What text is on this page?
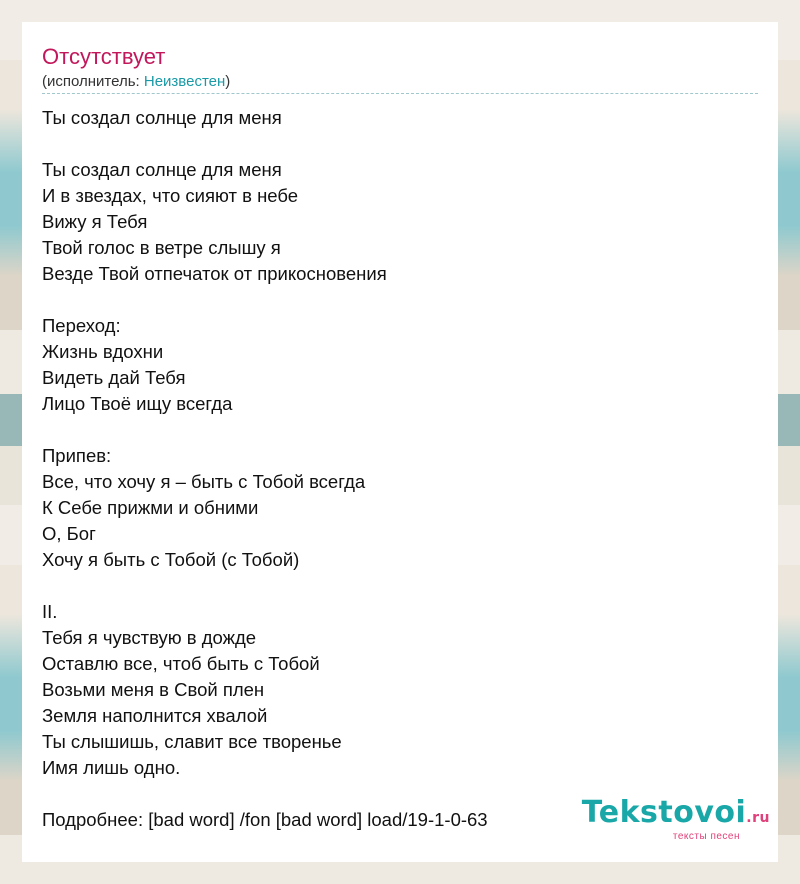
Отсутствует
(исполнитель: Неизвестен)
Ты создал солнце для меня
Ты создал солнце для меня
И в звездах, что сияют в небе
Вижу я Тебя
Твой голос в ветре слышу я
Везде Твой отпечаток от прикосновения
Переход:
Жизнь вдохни
Видеть дай Тебя
Лицо Твоё ищу всегда
Припев:
Все, что хочу я – быть с Тобой всегда
К Себе прижми и обними
О, Бог
Хочу я быть с Тобой (с Тобой)
II.
Тебя я чувствую в дожде
Оставлю все, чтоб быть с Тобой
Возьми меня в Свой плен
Земля наполнится хвалой
Ты слышишь, славит все творенье
Имя лишь одно.
Подробнее: [bad word] /fon [bad word] load/19-1-0-63	Tekstovoi.ru
тексты песен
